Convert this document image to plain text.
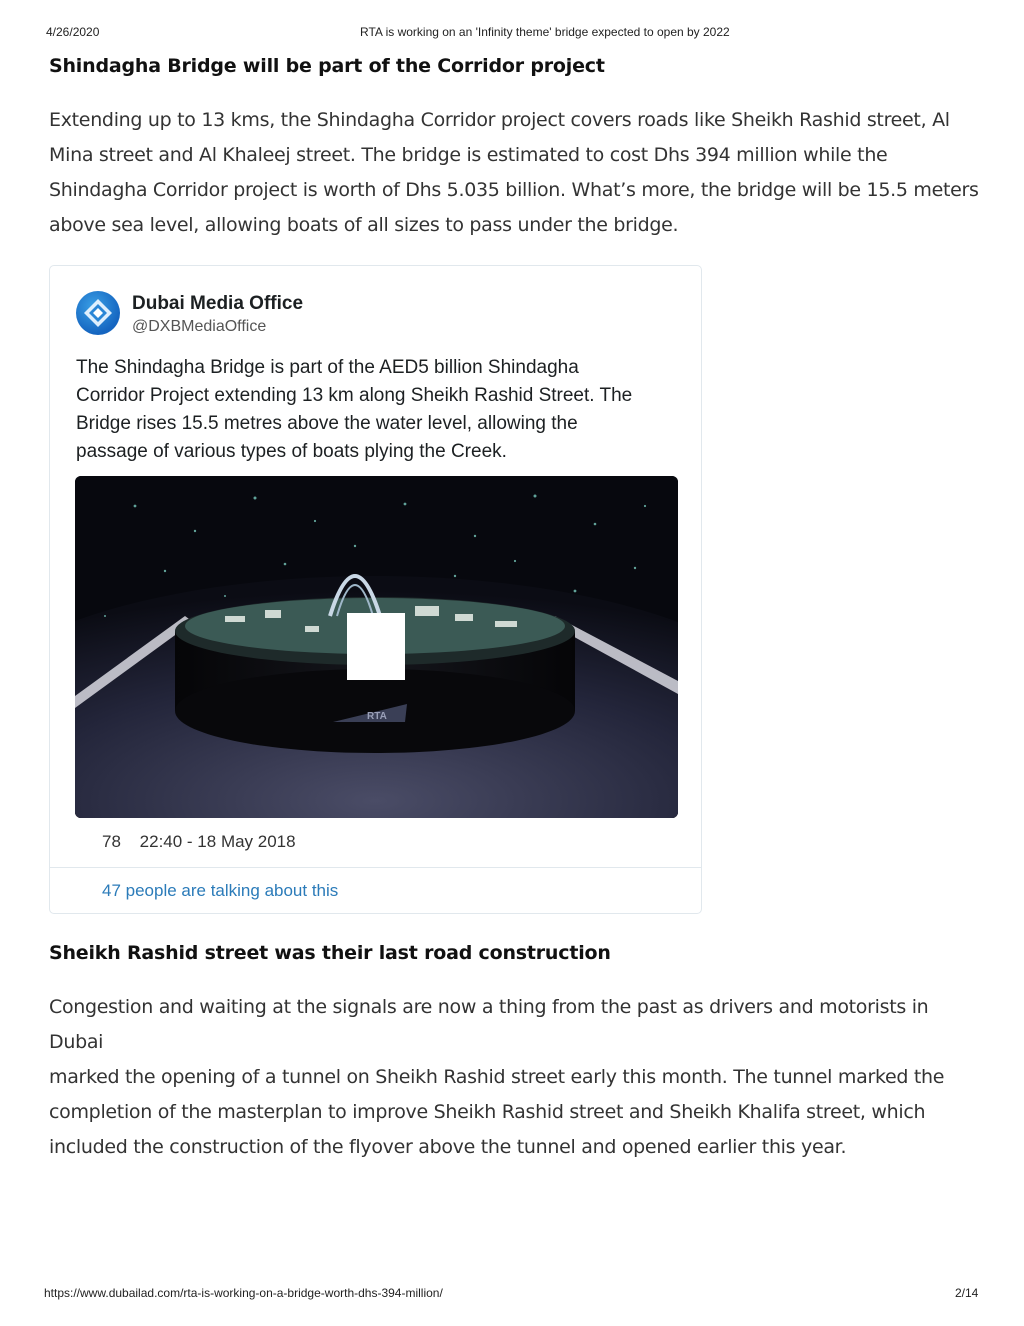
4/26/2020	RTA is working on an 'Infinity theme' bridge expected to open by 2022
Shindagha Bridge will be part of the Corridor project
Extending up to 13 kms, the Shindagha Corridor project covers roads like Sheikh Rashid street, Al
Mina street and Al Khaleej street. The bridge is estimated to cost Dhs 394 million while the
Shindagha Corridor project is worth of Dhs 5.035 billion. What’s more, the bridge will be 15.5 meters
above sea level, allowing boats of all sizes to pass under the bridge.
Dubai Media Office
@DXBMediaOffice
The Shindagha Bridge is part of the AED5 billion Shindagha
Corridor Project extending 13 km along Sheikh Rashid Street. The
Bridge rises 15.5 metres above the water level, allowing the
passage of various types of boats plying the Creek.
RTA
78 22:40 - 18 May 2018
47 people are talking about this
Sheikh Rashid street was their last road construction
Congestion and waiting at the signals are now a thing from the past as drivers and motorists in Dubai
marked the opening of a tunnel on Sheikh Rashid street early this month. The tunnel marked the
completion of the masterplan to improve Sheikh Rashid street and Sheikh Khalifa street, which
included the construction of the flyover above the tunnel and opened earlier this year.
https://www.dubailad.com/rta-is-working-on-a-bridge-worth-dhs-394-million/	2/14
